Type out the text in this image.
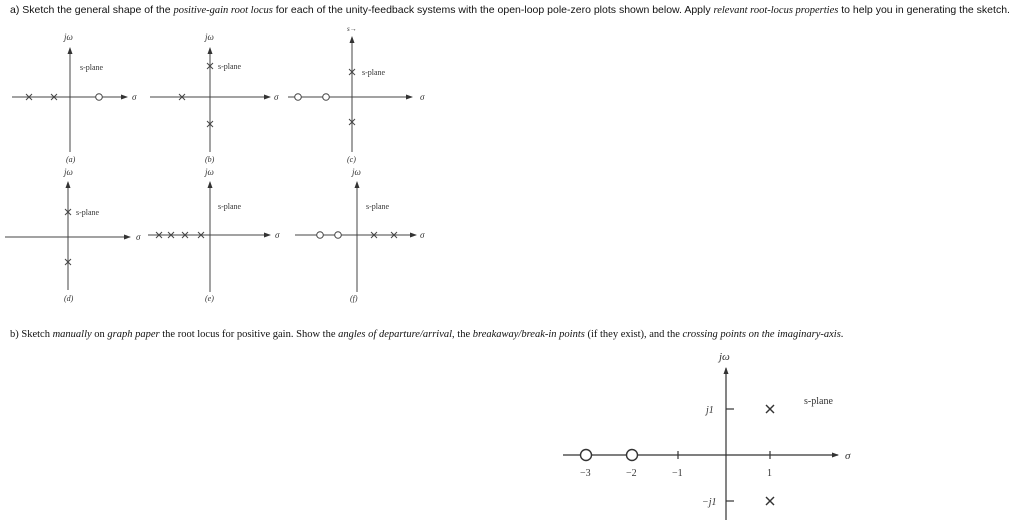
a) Sketch the general shape of the positive-gain root locus for each of the unity-feedback systems with the open-loop pole-zero plots shown below. Apply relevant root-locus properties to help you in generating the sketch.
b) Sketch manually on graph paper the root locus for positive gain. Show the angles of departure/arrival, the breakaway/break-in points (if they exist), and the crossing points on the imaginary-axis.
jω
σ
s-plane
(a)
jω
σ
s-plane
(b)
s→
σ
s-plane
(c)
jω
σ
s-plane
(d)
jω
σ
s-plane
(e)
jω
σ
s-plane
(f)
jω
σ
s-plane
j1
−j1
−3	−2	−1	1
